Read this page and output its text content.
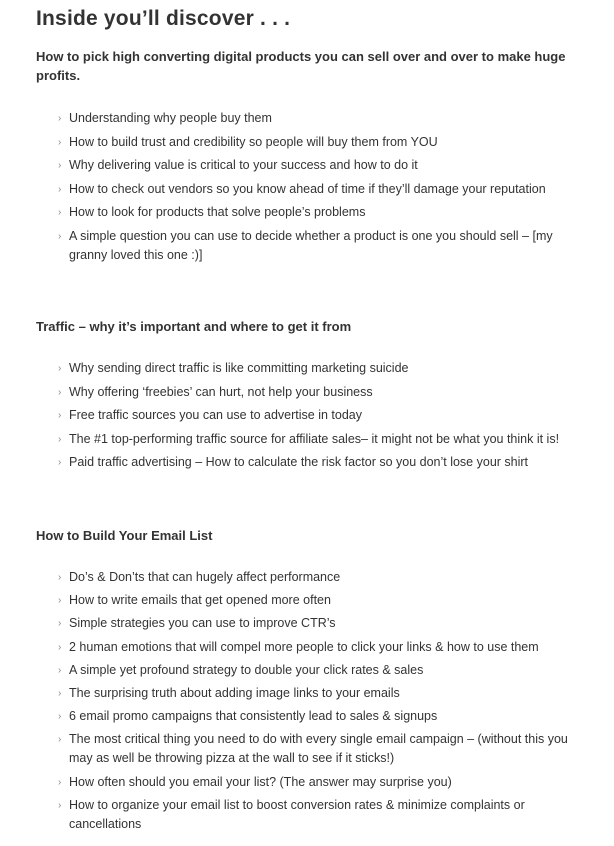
Inside you’ll discover . . .
How to pick high converting digital products you can sell over and over to make huge profits.
› Understanding why people buy them
› How to build trust and credibility so people will buy them from YOU
› Why delivering value is critical to your success and how to do it
› How to check out vendors so you know ahead of time if they’ll damage your reputation
› How to look for products that solve people’s problems
› A simple question you can use to decide whether a product is one you should sell – [my granny loved this one :)]
Traffic – why it’s important and where to get it from
› Why sending direct traffic is like committing marketing suicide
› Why offering ‘freebies’ can hurt, not help your business
› Free traffic sources you can use to advertise in today
› The #1 top-performing traffic source for affiliate sales– it might not be what you think it is!
› Paid traffic advertising – How to calculate the risk factor so you don’t lose your shirt
How to Build Your Email List
› Do’s & Don’ts that can hugely affect performance
› How to write emails that get opened more often
› Simple strategies you can use to improve CTR’s
› 2 human emotions that will compel more people to click your links & how to use them
› A simple yet profound strategy to double your click rates & sales
› The surprising truth about adding image links to your emails
› 6 email promo campaigns that consistently lead to sales & signups
› The most critical thing you need to do with every single email campaign – (without this you may as well be throwing pizza at the wall to see if it sticks!)
› How often should you email your list? (The answer may surprise you)
› How to organize your email list to boost conversion rates & minimize complaints or cancellations
